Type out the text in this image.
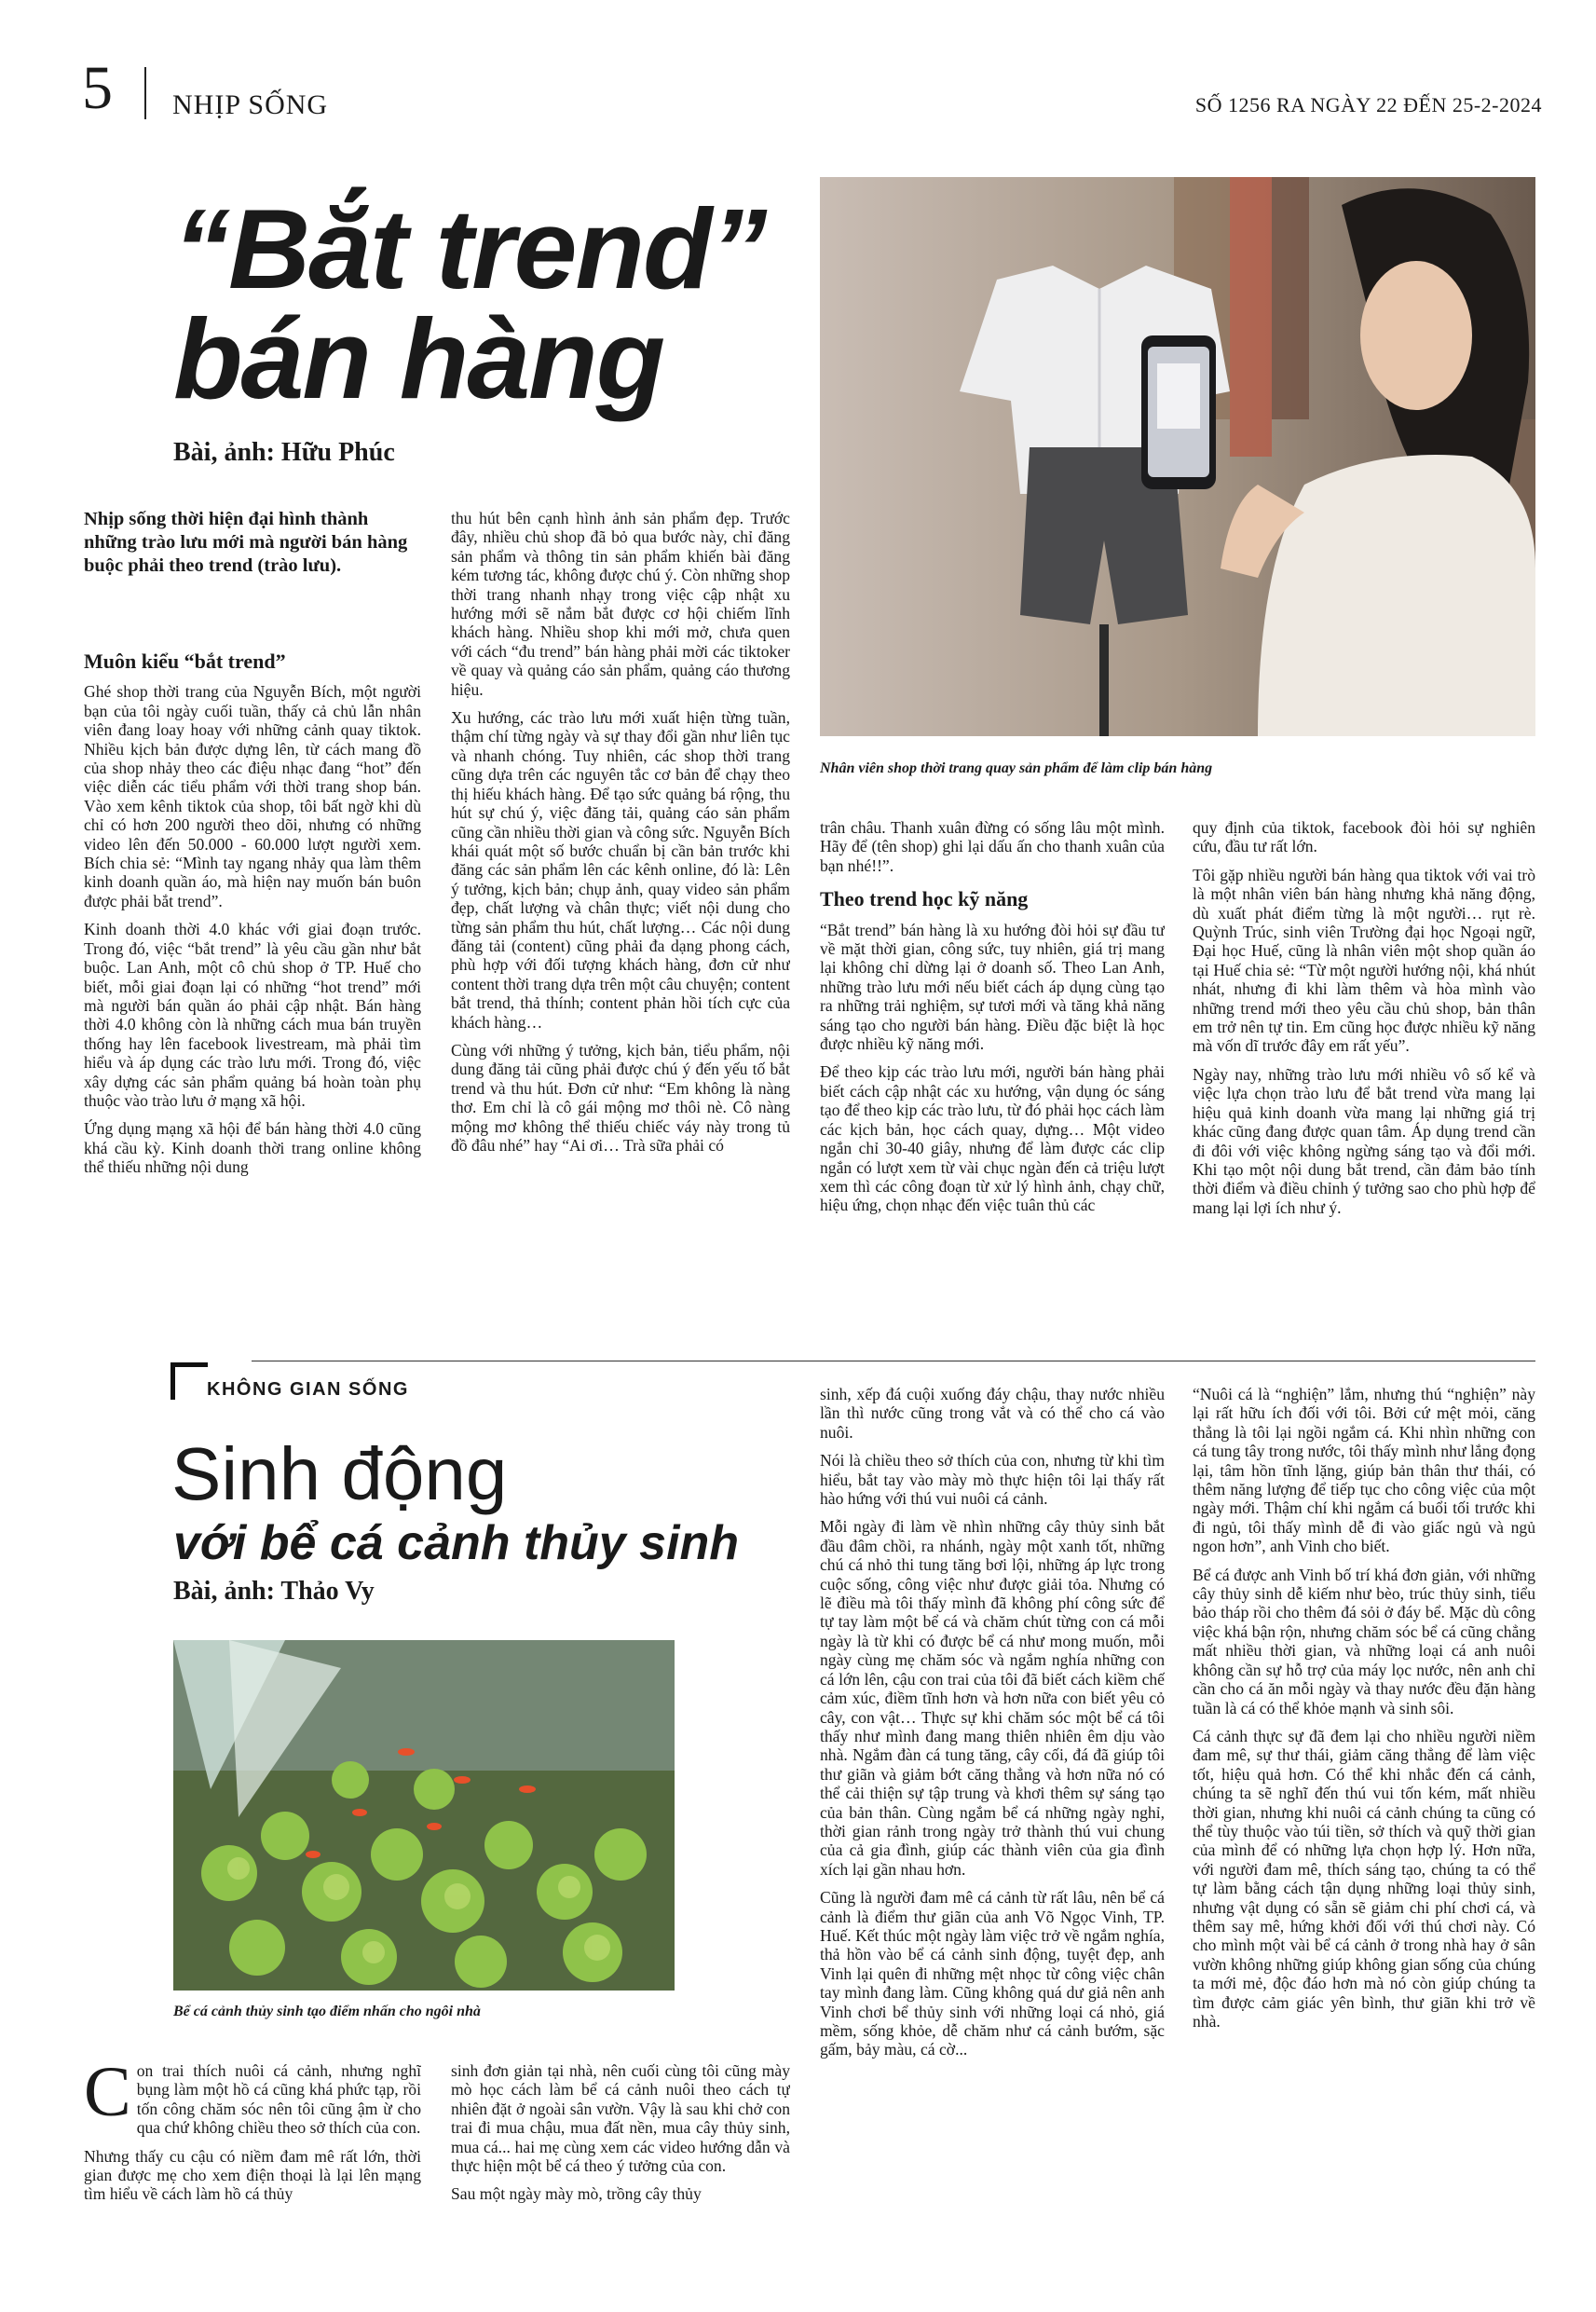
5 NHỊP SỐNG	SỐ 1256 RA NGÀY 22 ĐẾN 25-2-2024
“Bắt trend”
bán hàng
Bài, ảnh: Hữu Phúc

Nhịp sống thời hiện đại hình thành những trào lưu mới mà người bán hàng buộc phải theo trend (trào lưu).

Muôn kiểu “bắt trend”

Ghé shop thời trang của Nguyễn Bích, một người bạn của tôi ngày cuối tuần, thấy cả chủ lẫn nhân viên đang loay hoay với những cảnh quay tiktok. Nhiều kịch bản được dựng lên, từ cách mang đồ của shop nhảy theo các điệu nhạc đang “hot” đến việc diễn các tiểu phẩm với thời trang shop bán. Vào xem kênh tiktok của shop, tôi bất ngờ khi dù chỉ có hơn 200 người theo dõi, nhưng có những video lên đến 50.000 - 60.000 lượt người xem. Bích chia sẻ: “Mình tay ngang nhảy qua làm thêm kinh doanh quần áo, mà hiện nay muốn bán buôn được phải bắt trend”.

Kinh doanh thời 4.0 khác với giai đoạn trước. Trong đó, việc “bắt trend” là yêu cầu gần như bắt buộc. Lan Anh, một cô chủ shop ở TP. Huế cho biết, mỗi giai đoạn lại có những “hot trend” mới mà người bán quần áo phải cập nhật. Bán hàng thời 4.0 không còn là những cách mua bán truyền thống hay lên facebook livestream, mà phải tìm hiểu và áp dụng các trào lưu mới. Trong đó, việc xây dựng các sản phẩm quảng bá hoàn toàn phụ thuộc vào trào lưu ở mạng xã hội.

Ứng dụng mạng xã hội để bán hàng thời 4.0 cũng khá cầu kỳ. Kinh doanh thời trang online không thể thiếu những nội dung

thu hút bên cạnh hình ảnh sản phẩm đẹp. Trước đây, nhiều chủ shop đã bỏ qua bước này, chỉ đăng sản phẩm và thông tin sản phẩm khiến bài đăng kém tương tác, không được chú ý. Còn những shop thời trang nhanh nhạy trong việc cập nhật xu hướng mới sẽ nắm bắt được cơ hội chiếm lĩnh khách hàng. Nhiều shop khi mới mở, chưa quen với cách “đu trend” bán hàng phải mời các tiktoker về quay và quảng cáo sản phẩm, quảng cáo thương hiệu.

Xu hướng, các trào lưu mới xuất hiện từng tuần, thậm chí từng ngày và sự thay đổi gần như liên tục và nhanh chóng. Tuy nhiên, các shop thời trang cũng dựa trên các nguyên tắc cơ bản để chạy theo thị hiếu khách hàng. Để tạo sức quảng bá rộng, thu hút sự chú ý, việc đăng tải, quảng cáo sản phẩm cũng cần nhiều thời gian và công sức. Nguyễn Bích khái quát một số bước chuẩn bị cần bản trước khi đăng các sản phẩm lên các kênh online, đó là: Lên ý tưởng, kịch bản; chụp ảnh, quay video sản phẩm đẹp, chất lượng và chân thực; viết nội dung cho từng sản phẩm thu hút, chất lượng… Các nội dung đăng tải (content) cũng phải đa dạng phong cách, phù hợp với đối tượng khách hàng, đơn cử như content thời trang dựa trên một câu chuyện; content bắt trend, thả thính; content phản hồi tích cực của khách hàng…

Cùng với những ý tưởng, kịch bản, tiểu phẩm, nội dung đăng tải cũng phải được chú ý đến yếu tố bắt trend và thu hút. Đơn cử như: “Em không là nàng thơ. Em chỉ là cô gái mộng mơ thôi nè. Cô nàng mộng mơ không thể thiếu chiếc váy này trong tủ đồ đâu nhé” hay “Ai ơi… Trà sữa phải có

Nhân viên shop thời trang quay sản phẩm để làm clip bán hàng

trân châu. Thanh xuân đừng có sống lâu một mình. Hãy để (tên shop) ghi lại dấu ấn cho thanh xuân của bạn nhé!!”.

Theo trend học kỹ năng

“Bắt trend” bán hàng là xu hướng đòi hỏi sự đầu tư về mặt thời gian, công sức, tuy nhiên, giá trị mang lại không chỉ dừng lại ở doanh số. Theo Lan Anh, những trào lưu mới nếu biết cách áp dụng cùng tạo ra những trải nghiệm, sự tươi mới và tăng khả năng sáng tạo cho người bán hàng. Điều đặc biệt là học được nhiều kỹ năng mới.

Để theo kịp các trào lưu mới, người bán hàng phải biết cách cập nhật các xu hướng, vận dụng óc sáng tạo để theo kịp các trào lưu, từ đó phải học cách làm các kịch bản, học cách quay, dựng… Một video ngắn chỉ 30-40 giây, nhưng để làm được các clip ngắn có lượt xem từ vài chục ngàn đến cả triệu lượt xem thì các công đoạn từ xử lý hình ảnh, chạy chữ, hiệu ứng, chọn nhạc đến việc tuân thủ các

quy định của tiktok, facebook đòi hỏi sự nghiên cứu, đầu tư rất lớn.

Tôi gặp nhiều người bán hàng qua tiktok với vai trò là một nhân viên bán hàng nhưng khả năng động, dù xuất phát điểm từng là một người… rụt rè. Quỳnh Trúc, sinh viên Trường đại học Ngoại ngữ, Đại học Huế, cũng là nhân viên một shop quần áo tại Huế chia sẻ: “Từ một người hướng nội, khá nhút nhát, nhưng đi khi làm thêm và hòa mình vào những trend mới theo yêu cầu chủ shop, bản thân em trở nên tự tin. Em cũng học được nhiều kỹ năng mà vốn dĩ trước đây em rất yếu”.

Ngày nay, những trào lưu mới nhiều vô số kể và việc lựa chọn trào lưu để bắt trend vừa mang lại hiệu quả kinh doanh vừa mang lại những giá trị khác cũng đang được quan tâm. Áp dụng trend cần đi đôi với việc không ngừng sáng tạo và đổi mới. Khi tạo một nội dung bắt trend, cần đảm bảo tính thời điểm và điều chỉnh ý tưởng sao cho phù hợp để mang lại lợi ích như ý.

KHÔNG GIAN SỐNG
Sinh động
với bể cá cảnh thủy sinh
Bài, ảnh: Thảo Vy
Bể cá cảnh thủy sinh tạo điểm nhấn cho ngôi nhà

Con trai thích nuôi cá cảnh, nhưng nghĩ bụng làm một hồ cá cũng khá phức tạp, rồi tốn công chăm sóc nên tôi cũng ậm ừ cho qua chứ không chiều theo sở thích của con.

Nhưng thấy cu cậu có niềm đam mê rất lớn, thời gian được mẹ cho xem điện thoại là lại lên mạng tìm hiểu về cách làm hồ cá thủy

sinh đơn giản tại nhà, nên cuối cùng tôi cũng mày mò học cách làm bể cá cảnh nuôi theo cách tự nhiên đặt ở ngoài sân vườn. Vậy là sau khi chở con trai đi mua chậu, mua đất nền, mua cây thủy sinh, mua cá... hai mẹ cùng xem các video hướng dẫn và thực hiện một bể cá theo ý tưởng của con.

Sau một ngày mày mò, trồng cây thủy

sinh, xếp đá cuội xuống đáy chậu, thay nước nhiều lần thì nước cũng trong vắt và có thể cho cá vào nuôi.

Nói là chiều theo sở thích của con, nhưng từ khi tìm hiểu, bắt tay vào mày mò thực hiện tôi lại thấy rất hào hứng với thú vui nuôi cá cảnh.

Mỗi ngày đi làm về nhìn những cây thủy sinh bắt đầu đâm chồi, ra nhánh, ngày một xanh tốt, những chú cá nhỏ thi tung tăng bơi lội, những áp lực trong cuộc sống, công việc như được giải tỏa. Nhưng có lẽ điều mà tôi thấy mình đã không phí công sức để tự tay làm một bể cá và chăm chút từng con cá mỗi ngày là từ khi có được bể cá như mong muốn, mỗi ngày cùng mẹ chăm sóc và ngắm nghía những con cá lớn lên, cậu con trai của tôi đã biết cách kiềm chế cảm xúc, điềm tĩnh hơn và hơn nữa con biết yêu cỏ cây, con vật… Thực sự khi chăm sóc một bể cá tôi thấy như mình đang mang thiên nhiên êm dịu vào nhà. Ngắm đàn cá tung tăng, cây cối, đá đã giúp tôi thư giãn và giảm bớt căng thẳng và hơn nữa nó có thể cải thiện sự tập trung và khơi thêm sự sáng tạo của bản thân. Cùng ngắm bể cá những ngày nghỉ, thời gian rảnh trong ngày trở thành thú vui chung của cả gia đình, giúp các thành viên của gia đình xích lại gần nhau hơn.

Cũng là người đam mê cá cảnh từ rất lâu, nên bể cá cảnh là điểm thư giãn của anh Võ Ngọc Vinh, TP. Huế. Kết thúc một ngày làm việc trở về ngắm nghía, thả hồn vào bể cá cảnh sinh động, tuyệt đẹp, anh Vinh lại quên đi những mệt nhọc từ công việc chân tay mình đang làm. Cũng không quá dư giả nên anh Vinh chơi bể thủy sinh với những loại cá nhỏ, giá mềm, sống khỏe, dễ chăm như cá cảnh bướm, sặc gấm, bảy màu, cá cờ...

“Nuôi cá là “nghiện” lắm, nhưng thú “nghiện” này lại rất hữu ích đối với tôi. Bởi cứ mệt mỏi, căng thẳng là tôi lại ngồi ngắm cá. Khi nhìn những con cá tung tây trong nước, tôi thấy mình như lắng đọng lại, tâm hồn tĩnh lặng, giúp bản thân thư thái, có thêm năng lượng để tiếp tục cho công việc của một ngày mới. Thậm chí khi ngắm cá buổi tối trước khi đi ngủ, tôi thấy mình dễ đi vào giấc ngủ và ngủ ngon hơn”, anh Vinh cho biết.

Bể cá được anh Vinh bố trí khá đơn giản, với những cây thủy sinh dễ kiếm như bèo, trúc thủy sinh, tiểu bảo tháp rồi cho thêm đá sỏi ở đáy bể. Mặc dù công việc khá bận rộn, nhưng chăm sóc bể cá cũng chẳng mất nhiều thời gian, và những loại cá anh nuôi không cần sự hỗ trợ của máy lọc nước, nên anh chỉ cần cho cá ăn mỗi ngày và thay nước đều đặn hàng tuần là cá có thể khỏe mạnh và sinh sôi.

Cá cảnh thực sự đã đem lại cho nhiều người niềm đam mê, sự thư thái, giảm căng thẳng để làm việc tốt, hiệu quả hơn. Có thể khi nhắc đến cá cảnh, chúng ta sẽ nghĩ đến thú vui tốn kém, mất nhiều thời gian, nhưng khi nuôi cá cảnh chúng ta cũng có thể tùy thuộc vào túi tiền, sở thích và quỹ thời gian của mình để có những lựa chọn hợp lý. Hơn nữa, với người đam mê, thích sáng tạo, chúng ta có thể tự làm bằng cách tận dụng những loại thủy sinh, nhưng vật dụng có sẵn sẽ giảm chi phí chơi cá, và thêm say mê, hứng khởi đối với thú chơi này. Có cho mình một vài bể cá cảnh ở trong nhà hay ở sân vườn không những giúp không gian sống của chúng ta mới mẻ, độc đáo hơn mà nó còn giúp chúng ta tìm được cảm giác yên bình, thư giãn khi trở về nhà.
